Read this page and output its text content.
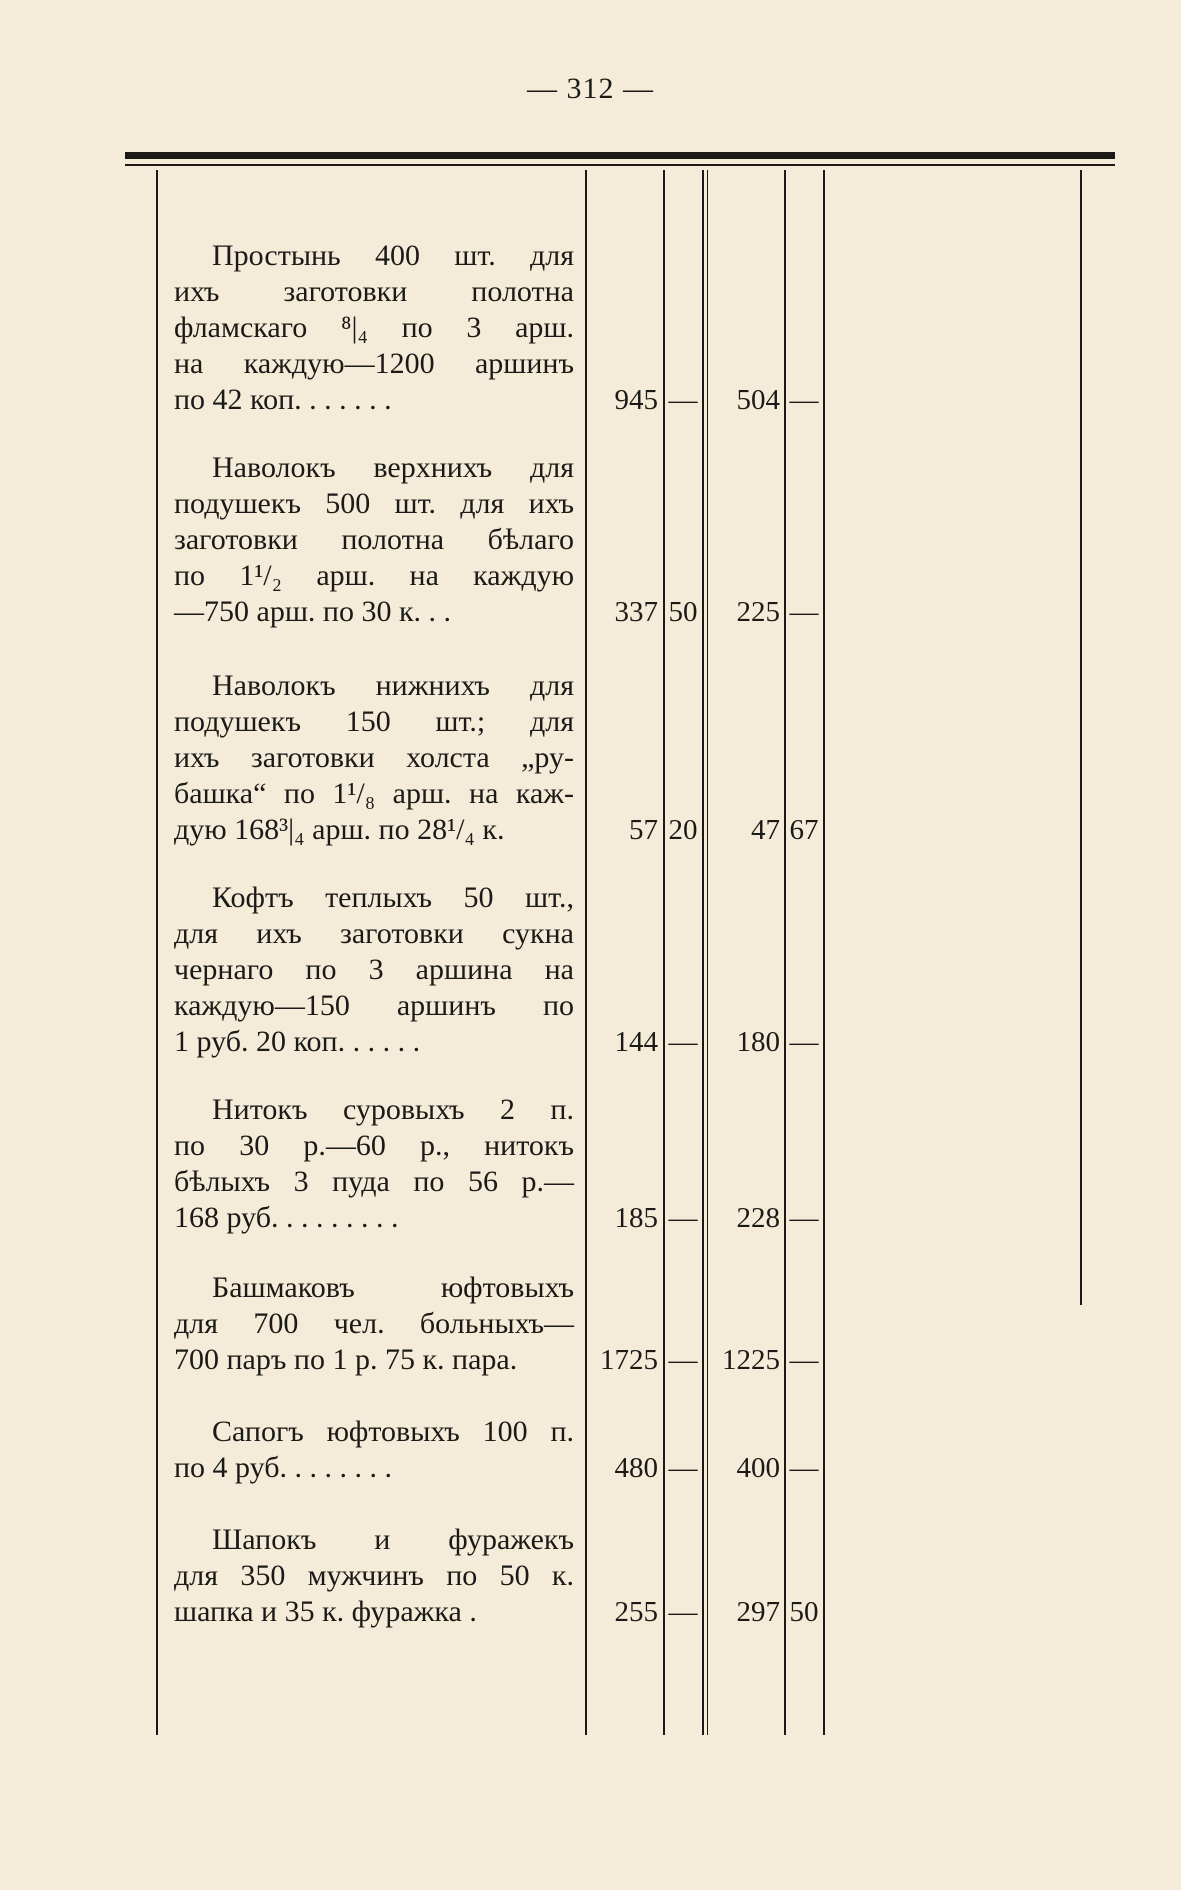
— 312 —
Простынь 400 шт. для
ихъ заготовки полотна
фламскаго ⁸|₄ по 3 арш.
на каждую—1200 аршинъ
по 42 коп. . . . . . .	945 —	504 —
Наволокъ верхнихъ для
подушекъ 500 шт. для ихъ
заготовки полотна бѣлаго
по 1¹/₂ арш. на каждую
—750 арш. по 30 к. . .	337 50	225 —
Наволокъ нижнихъ для
подушекъ 150 шт.; для
ихъ заготовки холста „ру-
башка“ по 1¹/₈ арш. на каж-
дую 168³|₄ арш. по 28¹/₄ к.	57 20	47 67
Кофтъ теплыхъ 50 шт.,
для ихъ заготовки сукна
чернаго по 3 аршина на
каждую—150 аршинъ по
1 руб. 20 коп. . . . . .	144 —	180 —
Нитокъ суровыхъ 2 п.
по 30 р.—60 р., нитокъ
бѣлыхъ 3 пуда по 56 р.—
168 руб. . . . . . . . .	185 —	228 —
Башмаковъ юфтовыхъ
для 700 чел. больныхъ—
700 паръ по 1 р. 75 к. пара.	1725 — 1225 —
Сапогъ юфтовыхъ 100 п.
по 4 руб. . . . . . . .	480 —	400 —
Шапокъ и фуражекъ
для 350 мужчинъ по 50 к.
шапка и 35 к. фуражка .	255 —	297 50
